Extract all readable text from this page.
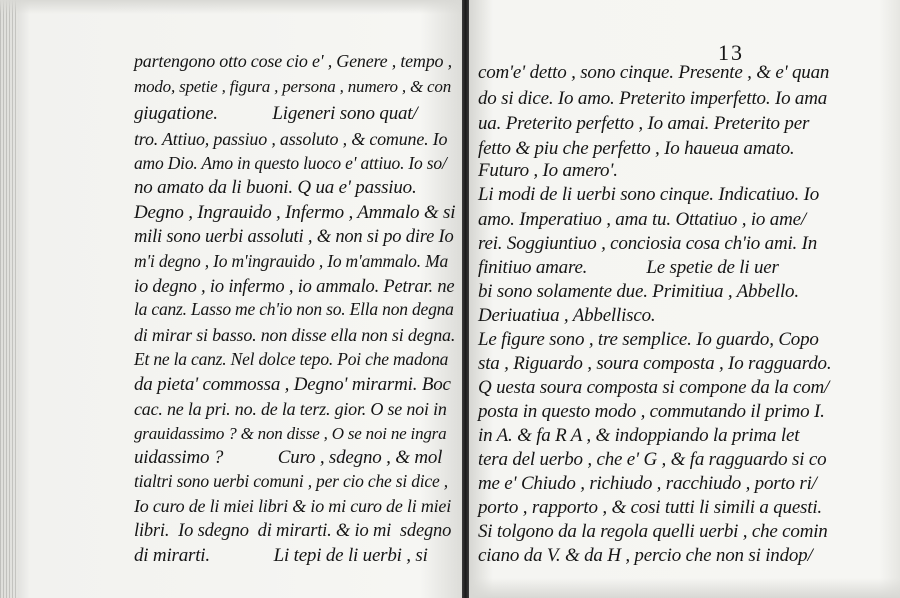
13
partengono otto cose cio e' , Genere , tempo ,
modo, spetie , figura , persona , numero , & con
giugatione.            Ligeneri sono quat/
tro. Attiuo, passiuo , assoluto , & comune. Io
amo Dio. Amo in questo luoco e' attiuo. Io so/
no amato da li buoni. Q ua e' passiuo.
Degno , Ingrauido , Infermo , Ammalo & si
mili sono uerbi assoluti , & non si po dire Io
m'i degno , Io m'ingrauido , Io m'ammalo. Ma
io degno , io infermo , io ammalo. Petrar. ne
la canz. Lasso me ch'io non so. Ella non degna
di mirar si basso. non disse ella non si degna.
Et ne la canz. Nel dolce tepo. Poi che madona
da pieta' commossa , Degno' mirarmi. Boc
cac. ne la pri. no. de la terz. gior. O se noi in
grauidassimo ? & non disse , O se noi ne ingra
uidassimo ?            Curo , sdegno , & mol
tialtri sono uerbi comuni , per cio che si dice ,
Io curo de li miei libri & io mi curo de li miei
libri.  Io sdegno  di mirarti. & io mi  sdegno
di mirarti.              Li tepi de li uerbi , si
com'e' detto , sono cinque. Presente , & e' quan
do si dice. Io amo. Preterito imperfetto. Io ama
ua. Preterito perfetto , Io amai. Preterito per
fetto & piu che perfetto , Io haueua amato.
Futuro , Io amero'.
Li modi de li uerbi sono cinque. Indicatiuo. Io
amo. Imperatiuo , ama tu. Ottatiuo , io ame/
rei. Soggiuntiuo , conciosia cosa ch'io ami. In
finitiuo amare.             Le spetie de li uer
bi sono solamente due. Primitiua , Abbello.
Deriuatiua , Abbellisco.
Le figure sono , tre semplice. Io guardo, Copo
sta , Riguardo , soura composta , Io ragguardo.
Q uesta soura composta si compone da la com/
posta in questo modo , commutando il primo I.
in A. & fa R A , & indoppiando la prima let
tera del uerbo , che e' G , & fa ragguardo si co
me e' Chiudo , richiudo , racchiudo , porto ri/
porto , rapporto , & cosi tutti li simili a questi.
Si tolgono da la regola quelli uerbi , che comin
ciano da V. & da H , percio che non si indop/
